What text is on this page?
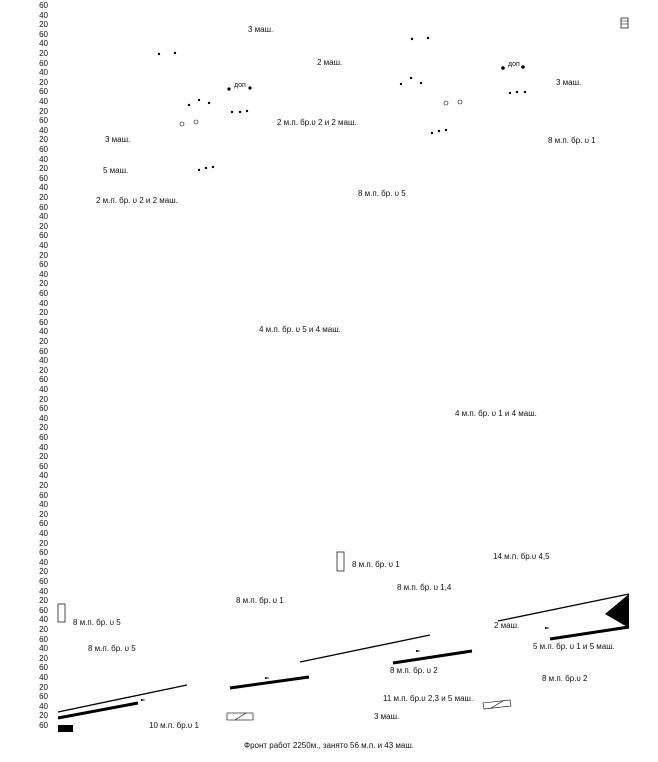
60
40
20
60
40
20
60
40
20
60
40
20
60
40
20
60
40
20
60
40
20
60
40
20
60
40
20
60
40
20
60
40
20
60
40
20
60
40
20
60
40
20
60
40
20
60
40
20
60
40
20
60
40
20
60
40
20
60
40
20
60
40
20
60
40
20
60
40
20
60
40
20
60
40
20
60
3 маш.
2 маш.
доп
доп
3 маш.
2 м.п. бр.υ 2 и 2 маш.
3 маш.	8 м.п. бр. υ 1
5 маш.
8 м.п. бр. υ 5
2 м.п. бр. υ 2 и 2 маш.
4 м.п. бр. υ 5 и 4 маш.
4 м.п. бр. υ 1 и 4 маш.
14 м.п. бр.υ 4,5
8 м.п. бр. υ 1
8 м.п. бр. υ 1,4
8 м.п. бр. υ 1
8 м.п. бр. υ 5	2 маш.
8 м.п. бр. υ 5	5 м.п. бр. υ 1 и 5 маш.
8 м.п. бр. υ 2
8 м.п. бр.υ 2
11 м.п. бр.υ 2,3 и 5 маш.
3 маш.
10 м.п. бр.υ 1
Фронт работ 2250м., занято 56 м.п. и 43 маш.
